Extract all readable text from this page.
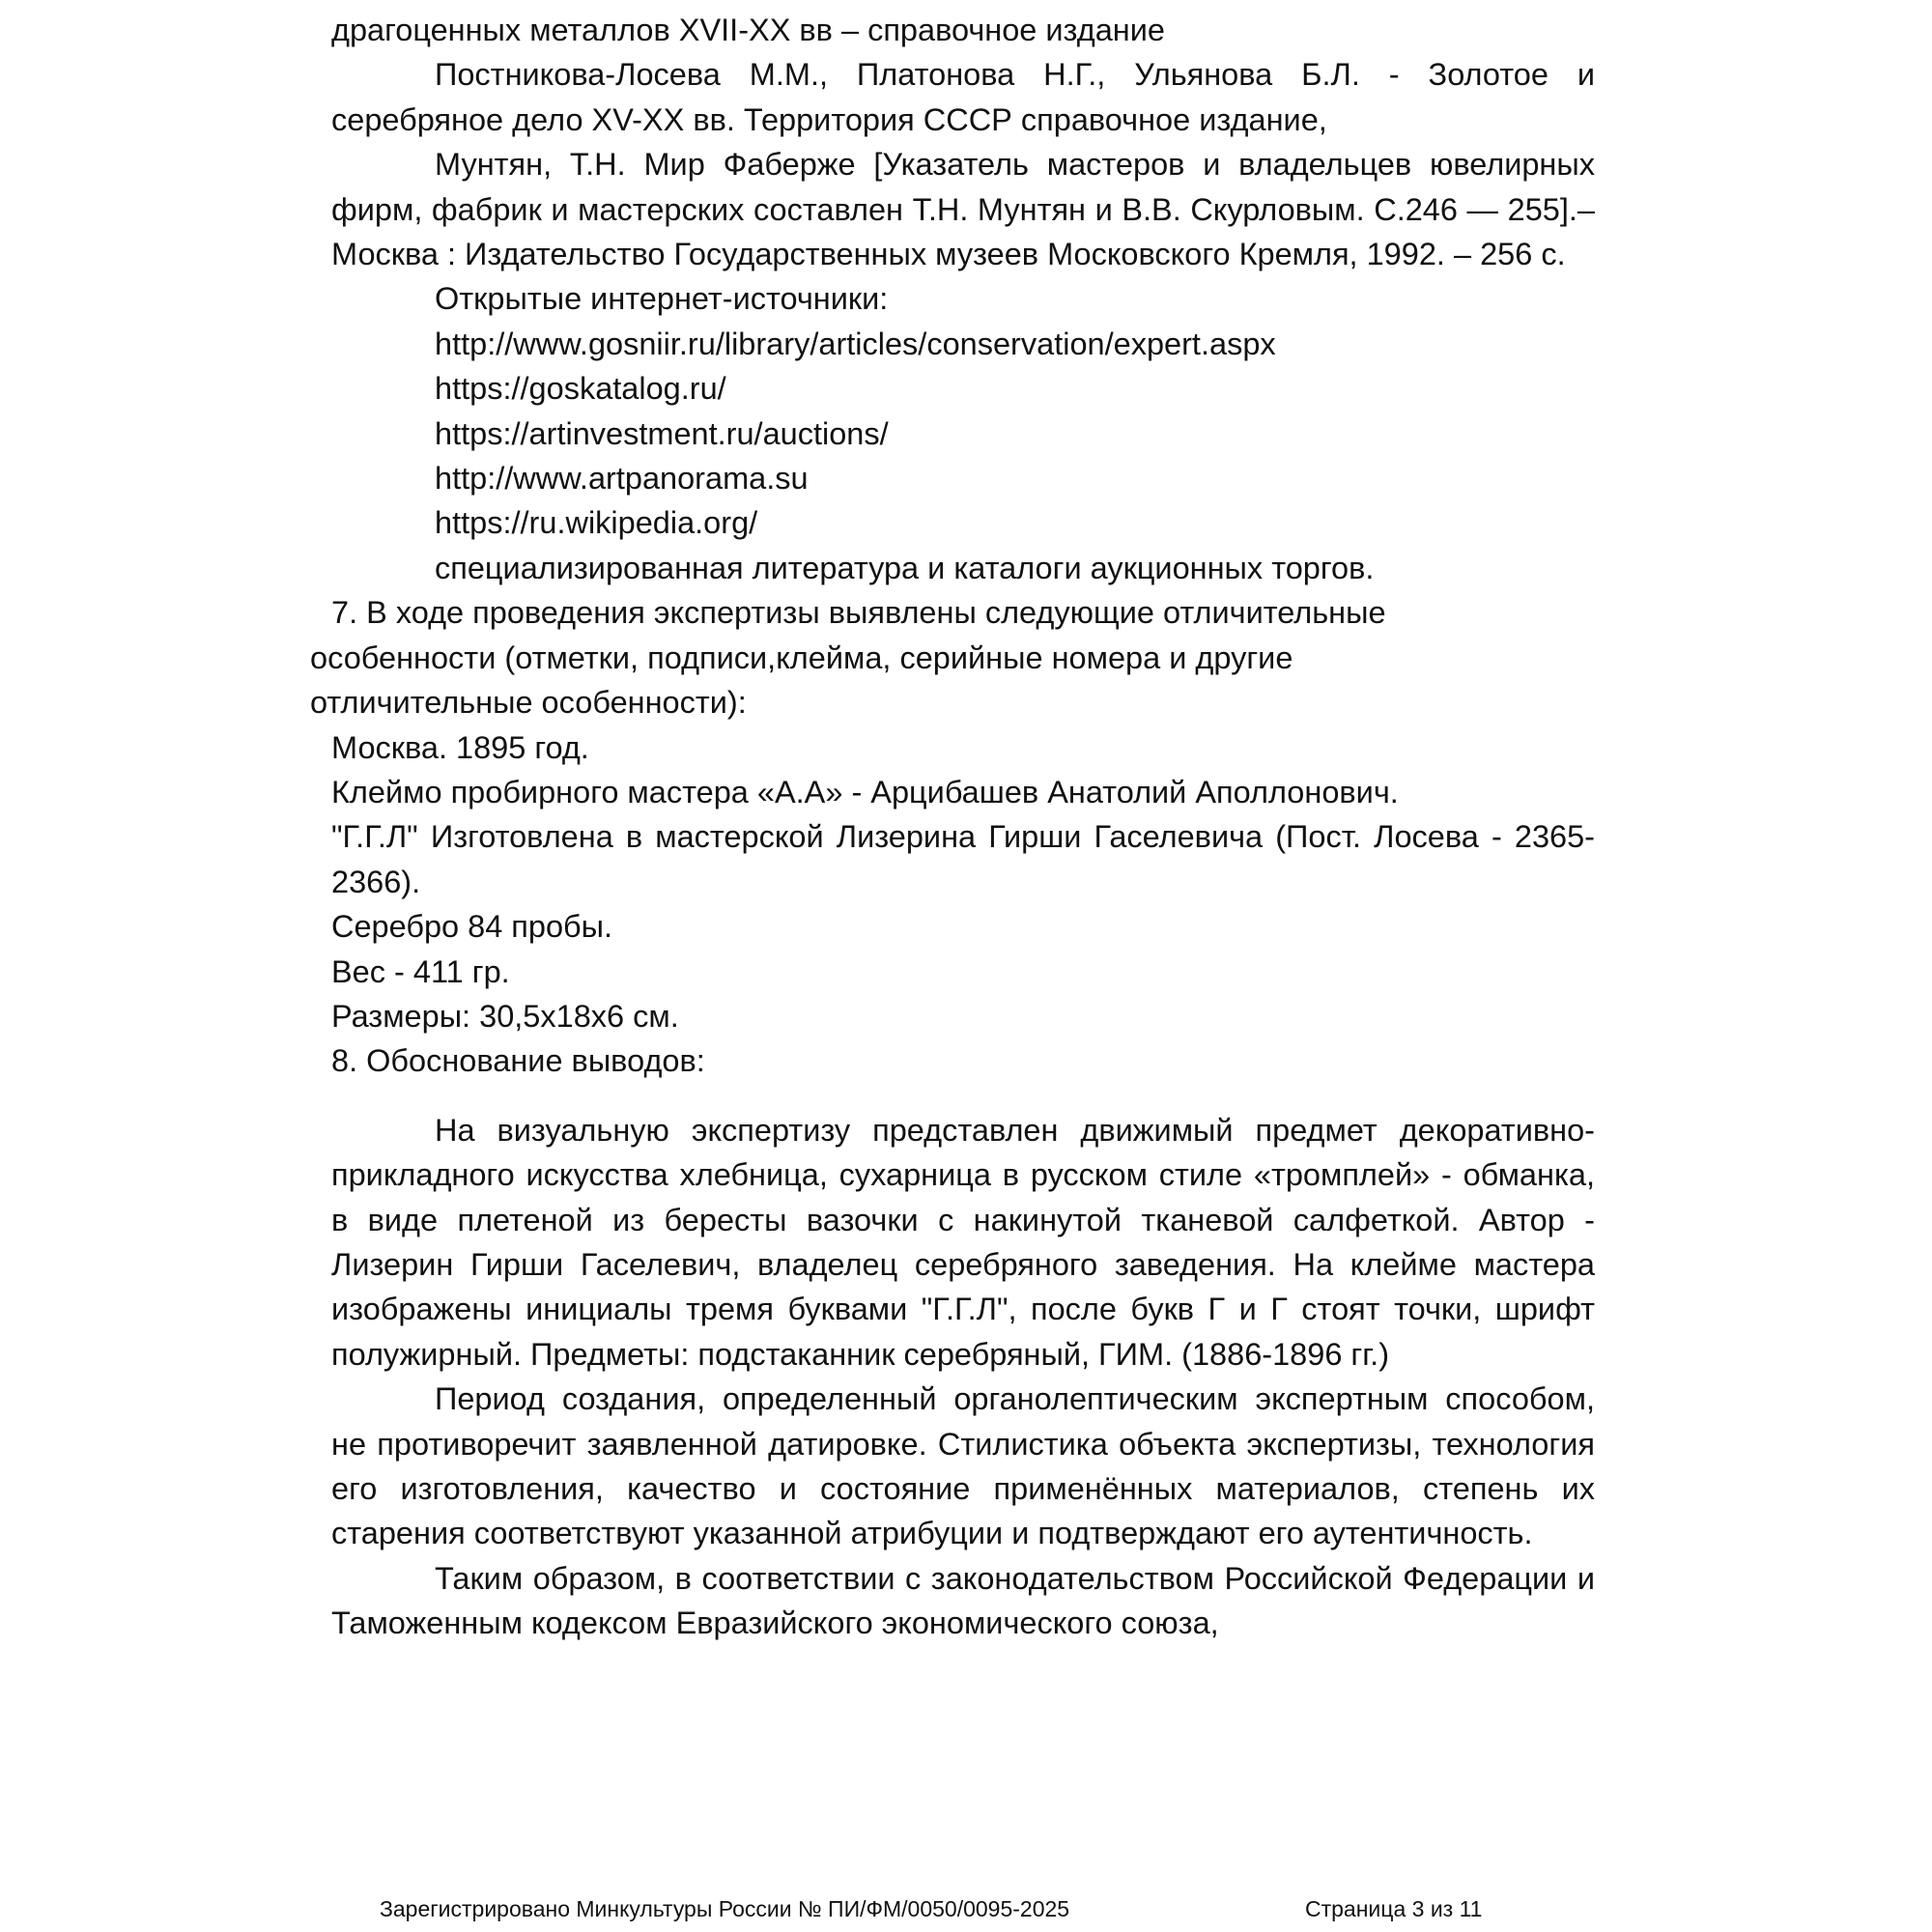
драгоценных металлов XVII-XX вв – справочное издание

Постникова-Лосева М.М., Платонова Н.Г., Ульянова Б.Л. - Золотое и серебряное дело XV-XX вв. Территория СССР справочное издание,

Мунтян, Т.Н. Мир Фаберже [Указатель мастеров и владельцев ювелирных фирм, фабрик и мастерских составлен Т.Н. Мунтян и В.В. Скурловым. С.246 — 255].– Москва : Издательство Государственных музеев Московского Кремля, 1992. – 256 с.

Открытые интернет-источники:

http://www.gosniir.ru/library/articles/conservation/expert.aspx

https://goskatalog.ru/

https://artinvestment.ru/auctions/

http://www.artpanorama.su

https://ru.wikipedia.org/

специализированная литература и каталоги аукционных торгов.

7. В ходе проведения экспертизы выявлены следующие отличительные

особенности (отметки, подписи,клейма, серийные номера и другие

отличительные особенности):

Москва. 1895 год.

Клеймо пробирного мастера «А.А» - Арцибашев Анатолий Аполлонович.

"Г.Г.Л" Изготовлена в мастерской Лизерина Гирши Гаселевича (Пост. Лосева - 2365-2366).

Серебро 84 пробы.

Вес - 411 гр.

Размеры: 30,5х18х6 см.

8. Обоснование выводов:

На визуальную экспертизу представлен движимый предмет декоративно-прикладного искусства хлебница, сухарница в русском стиле «тромплей» - обманка, в виде плетеной из бересты вазочки с накинутой тканевой салфеткой. Автор - Лизерин Гирши Гаселевич, владелец серебряного заведения. На клейме мастера изображены инициалы тремя буквами "Г.Г.Л", после букв Г и Г стоят точки, шрифт полужирный. Предметы: подстаканник серебряный, ГИМ. (1886-1896 гг.)

Период создания, определенный органолептическим экспертным способом, не противоречит заявленной датировке. Стилистика объекта экспертизы, технология его изготовления, качество и состояние применённых материалов, степень их старения соответствуют указанной атрибуции и подтверждают его аутентичность.

Таким образом, в соответствии с законодательством Российской Федерации и Таможенным кодексом Евразийского экономического союза,

Зарегистрировано Минкультуры России № ПИ/ФМ/0050/0095-2025	Страница 3 из 11
